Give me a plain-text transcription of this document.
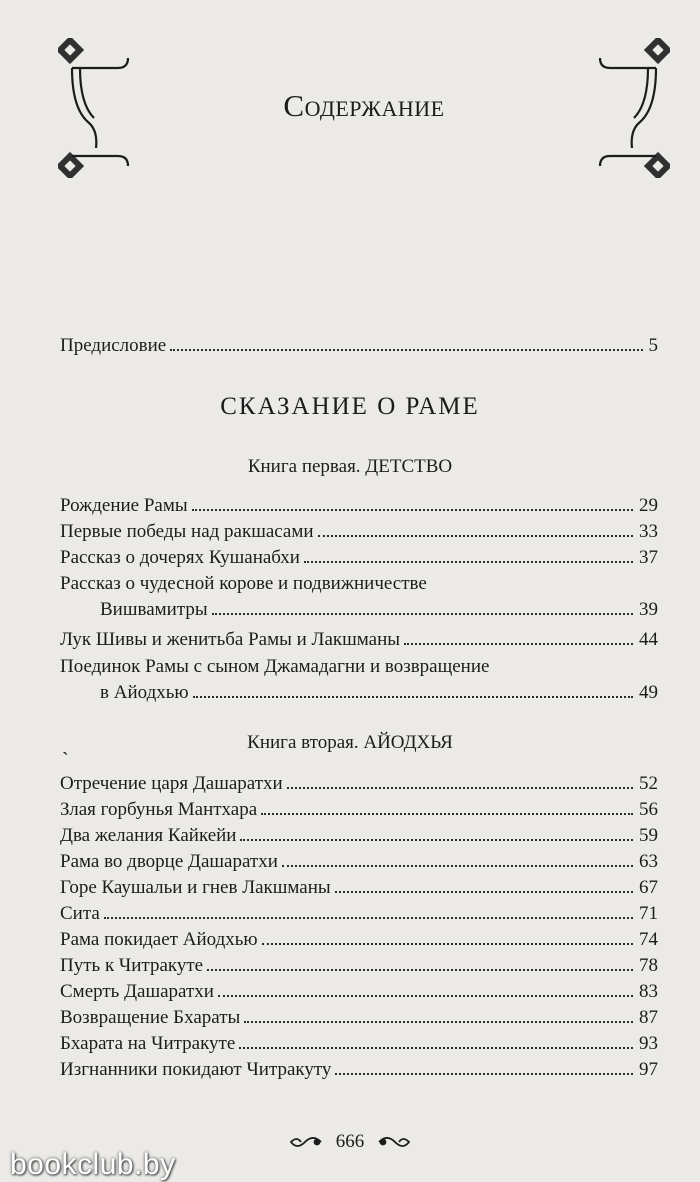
Содержание
Предисловие	5
СКАЗАНИЕ О РАМЕ
Книга первая. ДЕТСТВО
Рождение Рамы	29
Первые победы над ракшасами	33
Рассказ о дочерях Кушанабхи	37
Рассказ о чудесной корове и подвижничестве
Вишвамитры	39
Лук Шивы и женитьба Рамы и Лакшманы	44
Поединок Рамы с сыном Джамадагни и возвращение
в Айодхью	49
˴	Книга вторая. АЙОДХЬЯ
Отречение царя Дашаратхи	52
Злая горбунья Мантхара	56
Два желания Кайкейи	59
Рама во дворце Дашаратхи	63
Горе Каушальи и гнев Лакшманы	67
Сита	71
Рама покидает Айодхью	74
Путь к Читракуте	78
Смерть Дашаратхи	83
Возвращение Бхараты	87
Бхарата на Читракуте	93
Изгнанники покидают Читракуту	97
666
bookclub.by
